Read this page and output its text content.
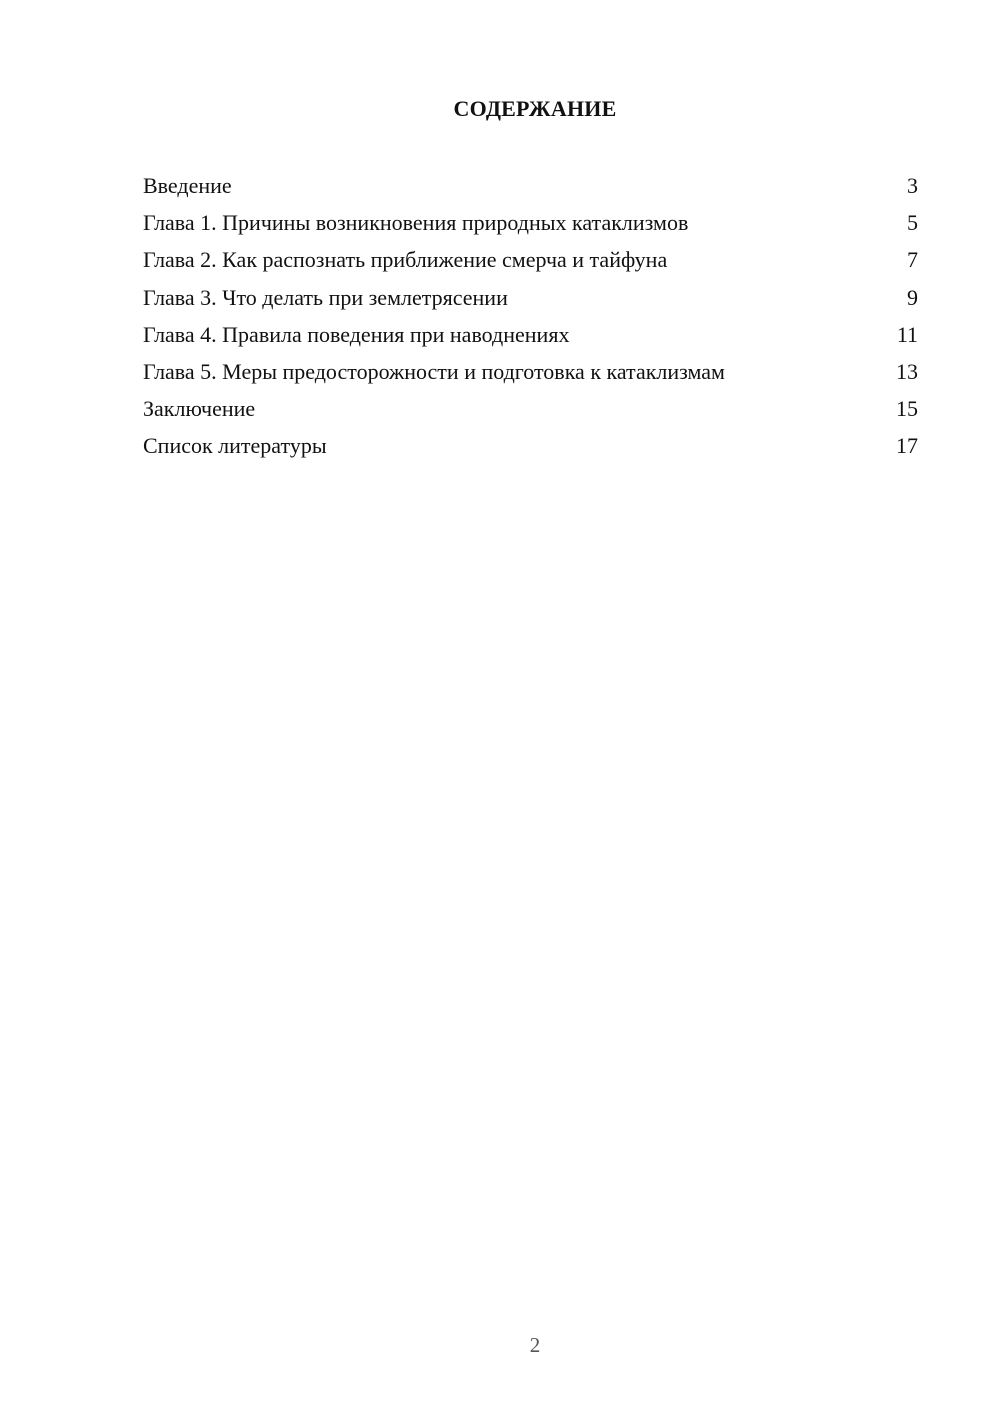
СОДЕРЖАНИЕ
Введение	3
Глава 1. Причины возникновения природных катаклизмов	5
Глава 2. Как распознать приближение смерча и тайфуна	7
Глава 3. Что делать при землетрясении	9
Глава 4. Правила поведения при наводнениях	11
Глава 5. Меры предосторожности и подготовка к катаклизмам	13
Заключение	15
Список литературы	17
2
